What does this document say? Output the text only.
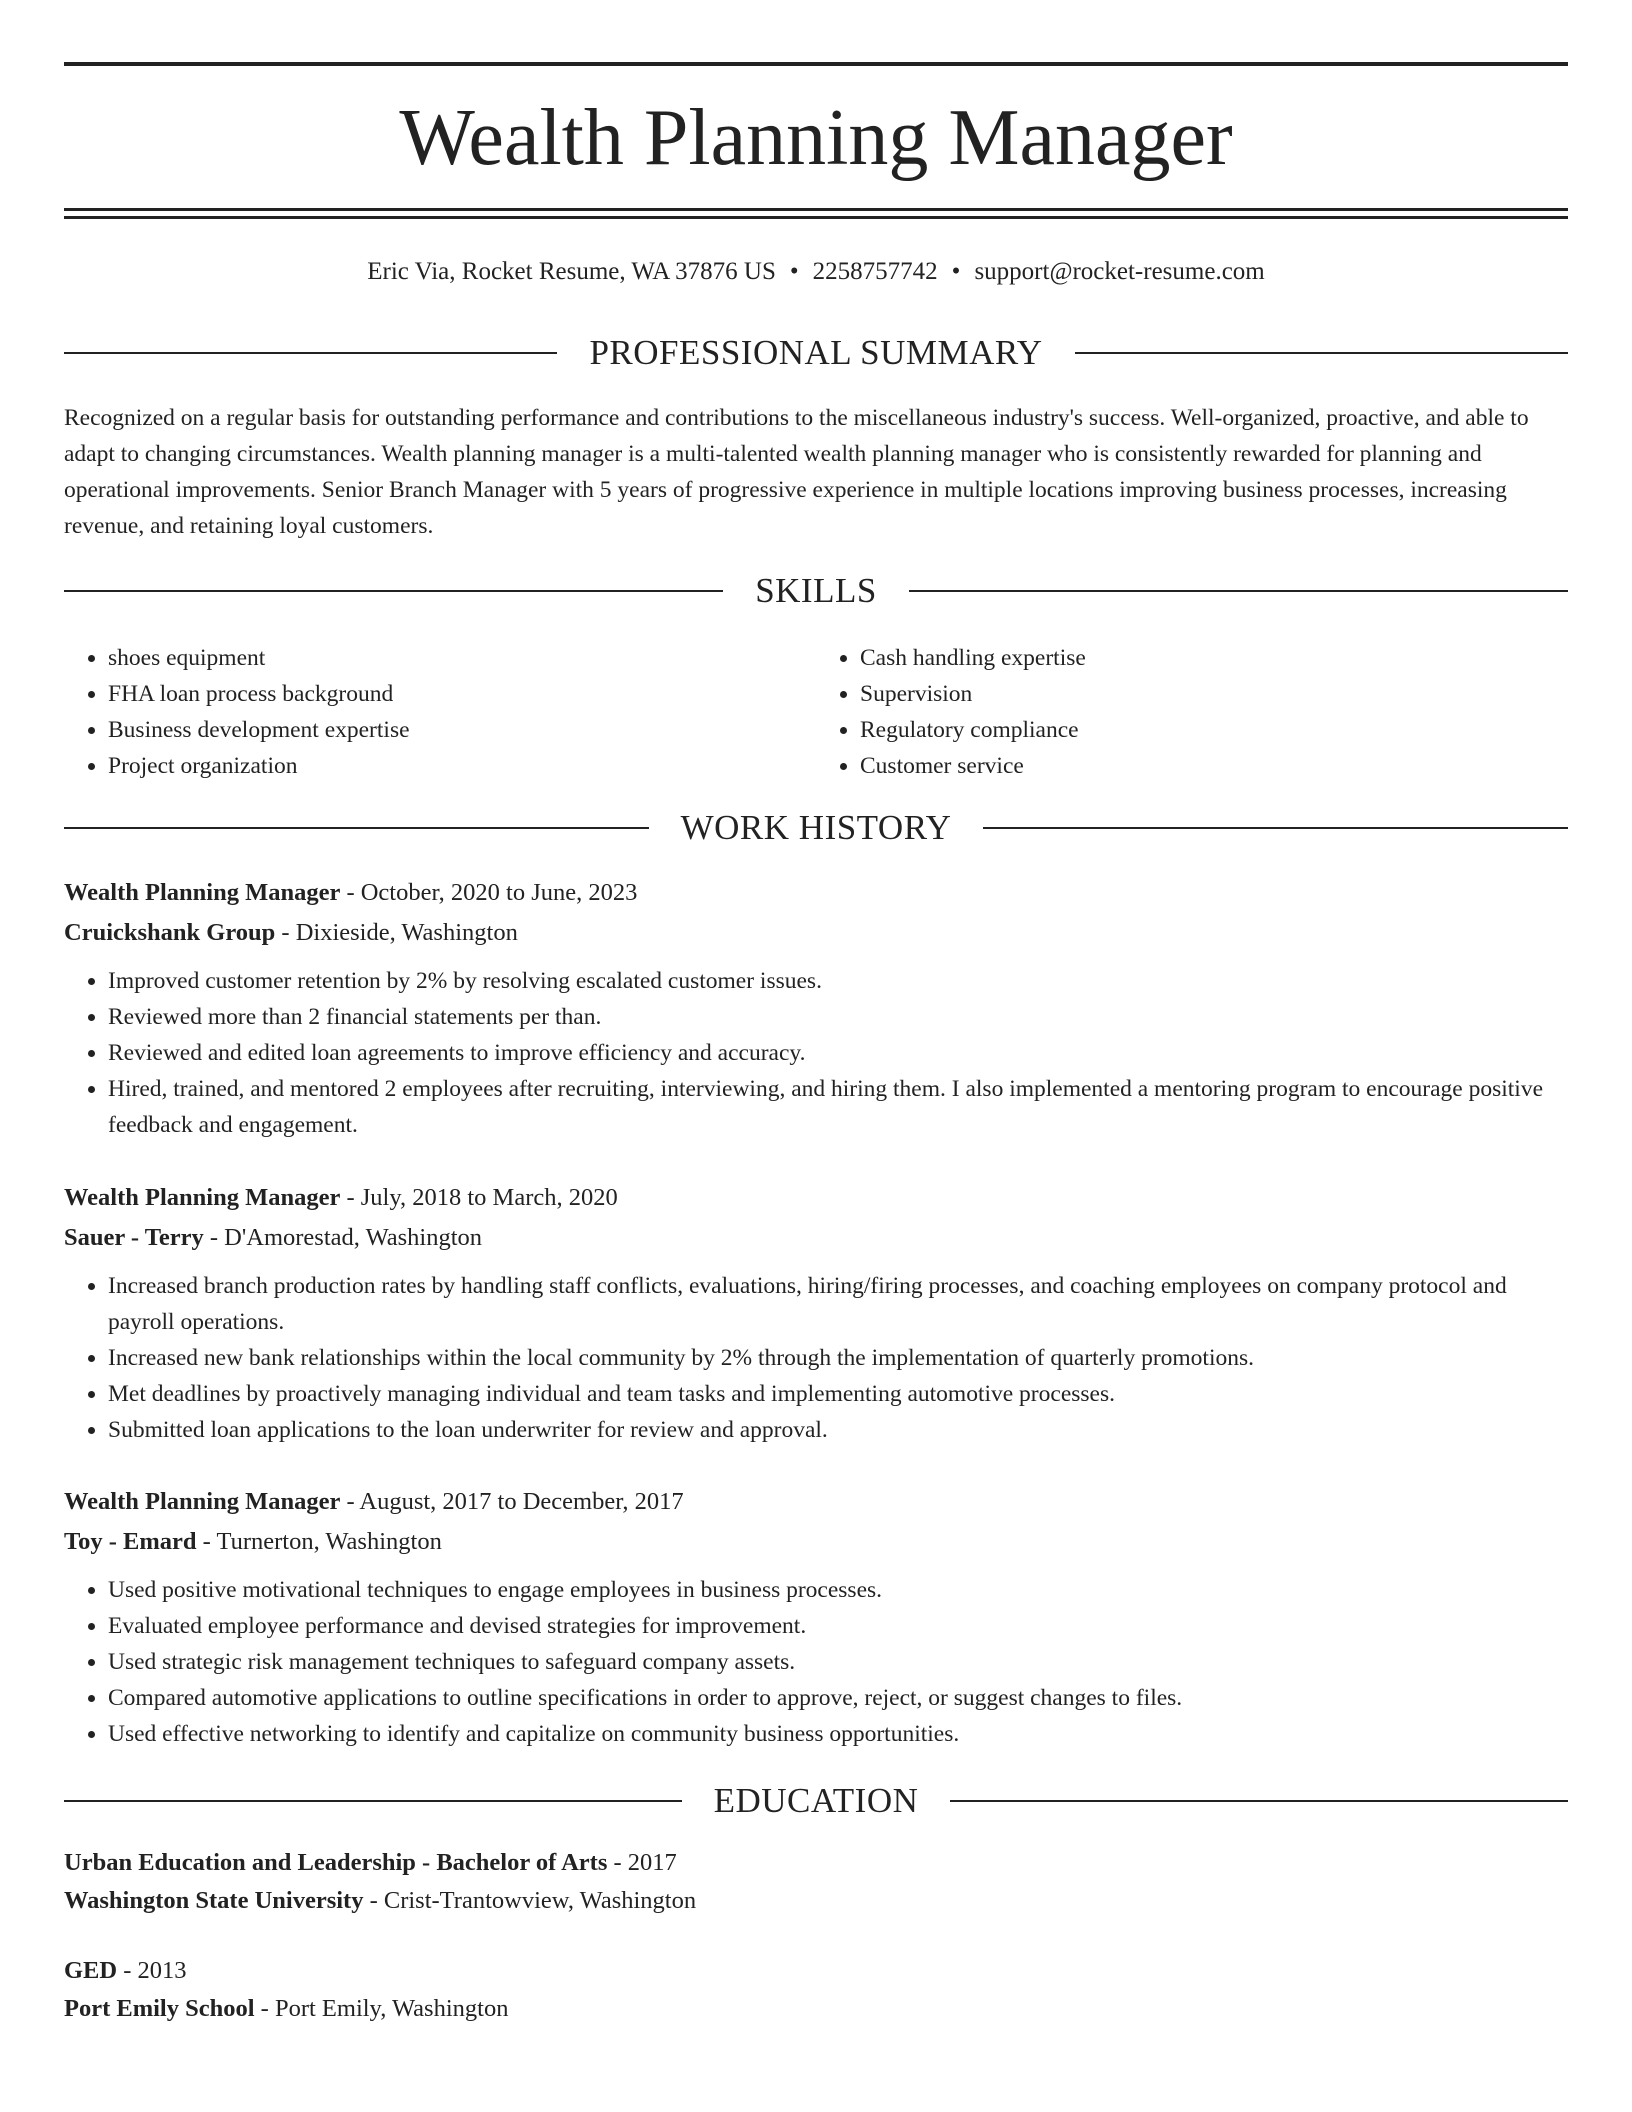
Wealth Planning Manager
Eric Via, Rocket Resume, WA 37876 US • 2258757742 • support@rocket-resume.com
PROFESSIONAL SUMMARY
Recognized on a regular basis for outstanding performance and contributions to the miscellaneous industry's success. Well-organized, proactive, and able to adapt to changing circumstances. Wealth planning manager is a multi-talented wealth planning manager who is consistently rewarded for planning and operational improvements. Senior Branch Manager with 5 years of progressive experience in multiple locations improving business processes, increasing revenue, and retaining loyal customers.
SKILLS
• shoes equipment
• FHA loan process background
• Business development expertise
• Project organization
• Cash handling expertise
• Supervision
• Regulatory compliance
• Customer service
WORK HISTORY
Wealth Planning Manager - October, 2020 to June, 2023
Cruickshank Group - Dixieside, Washington
• Improved customer retention by 2% by resolving escalated customer issues.
• Reviewed more than 2 financial statements per than.
• Reviewed and edited loan agreements to improve efficiency and accuracy.
• Hired, trained, and mentored 2 employees after recruiting, interviewing, and hiring them. I also implemented a mentoring program to encourage positive feedback and engagement.
Wealth Planning Manager - July, 2018 to March, 2020
Sauer - Terry - D'Amorestad, Washington
• Increased branch production rates by handling staff conflicts, evaluations, hiring/firing processes, and coaching employees on company protocol and payroll operations.
• Increased new bank relationships within the local community by 2% through the implementation of quarterly promotions.
• Met deadlines by proactively managing individual and team tasks and implementing automotive processes.
• Submitted loan applications to the loan underwriter for review and approval.
Wealth Planning Manager - August, 2017 to December, 2017
Toy - Emard - Turnerton, Washington
• Used positive motivational techniques to engage employees in business processes.
• Evaluated employee performance and devised strategies for improvement.
• Used strategic risk management techniques to safeguard company assets.
• Compared automotive applications to outline specifications in order to approve, reject, or suggest changes to files.
• Used effective networking to identify and capitalize on community business opportunities.
EDUCATION
Urban Education and Leadership - Bachelor of Arts - 2017
Washington State University - Crist-Trantowview, Washington
GED - 2013
Port Emily School - Port Emily, Washington
